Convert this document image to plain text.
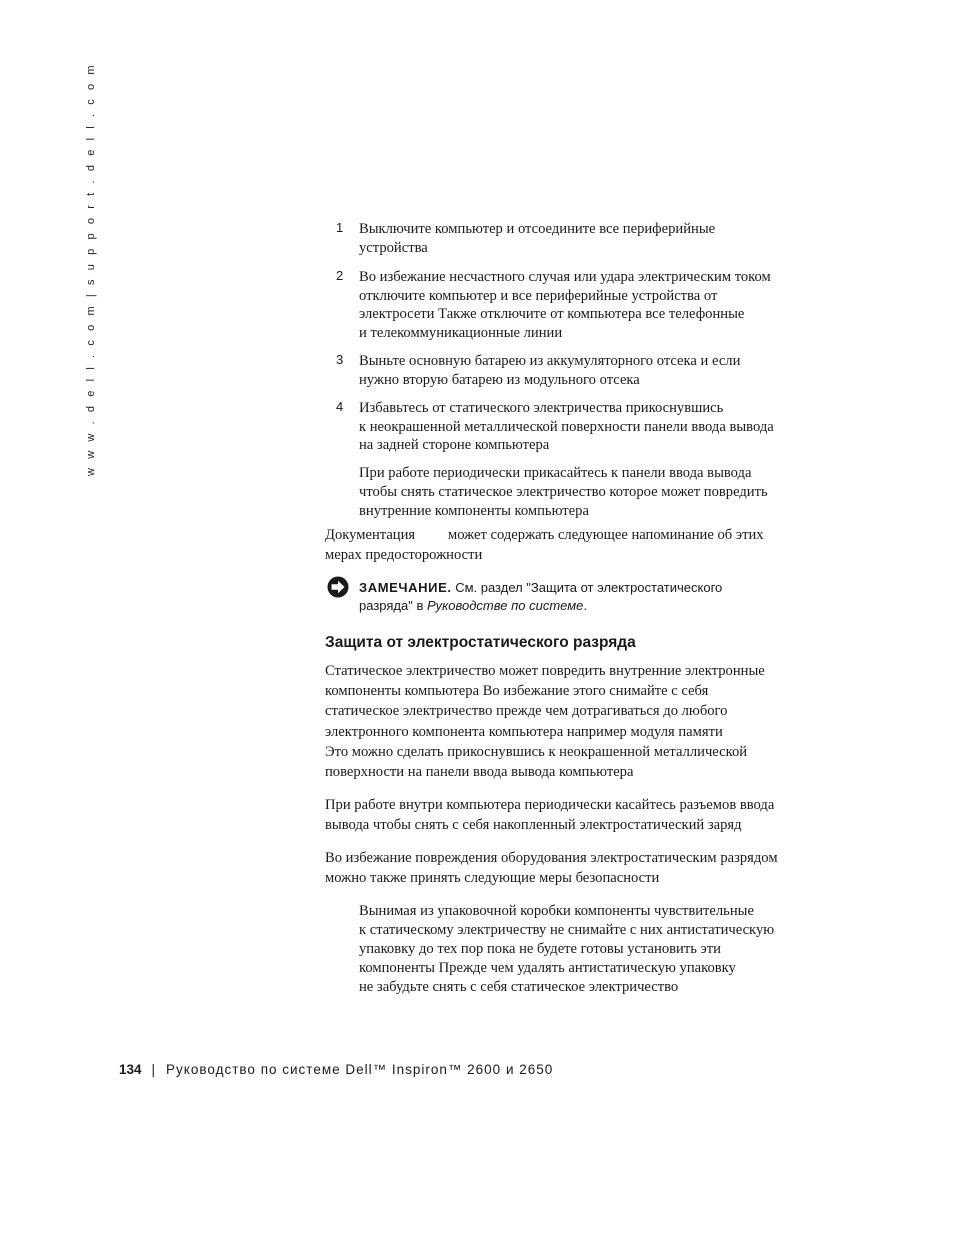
w w w . d e l l . c o m | s u p p o r t . d e l l . c o m	1	Выключите компьютер и отсоедините все периферийные
устройства
2	Во избежание несчастного случая или удара электрическим током
отключите компьютер и все периферийные устройства от
электросети Также отключите от компьютера все телефонные
и телекоммуникационные линии
3	Выньте основную батарею из аккумуляторного отсека и если
нужно вторую батарею из модульного отсека
4	Избавьтесь от статического электричества прикоснувшись
к неокрашенной металлической поверхности панели ввода вывода
на задней стороне компьютера
При работе периодически прикасайтесь к панели ввода вывода
чтобы снять статическое электричество которое может повредить
внутренние компоненты компьютера
Документация         может содержать следующее напоминание об этих
мерах предосторожности
ЗАМЕЧАНИЕ. См. раздел "Защита от электростатического
разряда" в Руководстве по системе.
Защита от электростатического разряда
Статическое электричество может повредить внутренние электронные
компоненты компьютера Во избежание этого снимайте с себя
статическое электричество прежде чем дотрагиваться до любого
электронного компонента компьютера например модуля памяти
Это можно сделать прикоснувшись к неокрашенной металлической
поверхности на панели ввода вывода компьютера
При работе внутри компьютера периодически касайтесь разъемов ввода
вывода чтобы снять с себя накопленный электростатический заряд
Во избежание повреждения оборудования электростатическим разрядом
можно также принять следующие меры безопасности
Вынимая из упаковочной коробки компоненты чувствительные
к статическому электричеству не снимайте с них антистатическую
упаковку до тех пор пока не будете готовы установить эти
компоненты Прежде чем удалять антистатическую упаковку
не забудьте снять с себя статическое электричество
134 | Руководство по системе Dell™ Inspiron™ 2600 и 2650
